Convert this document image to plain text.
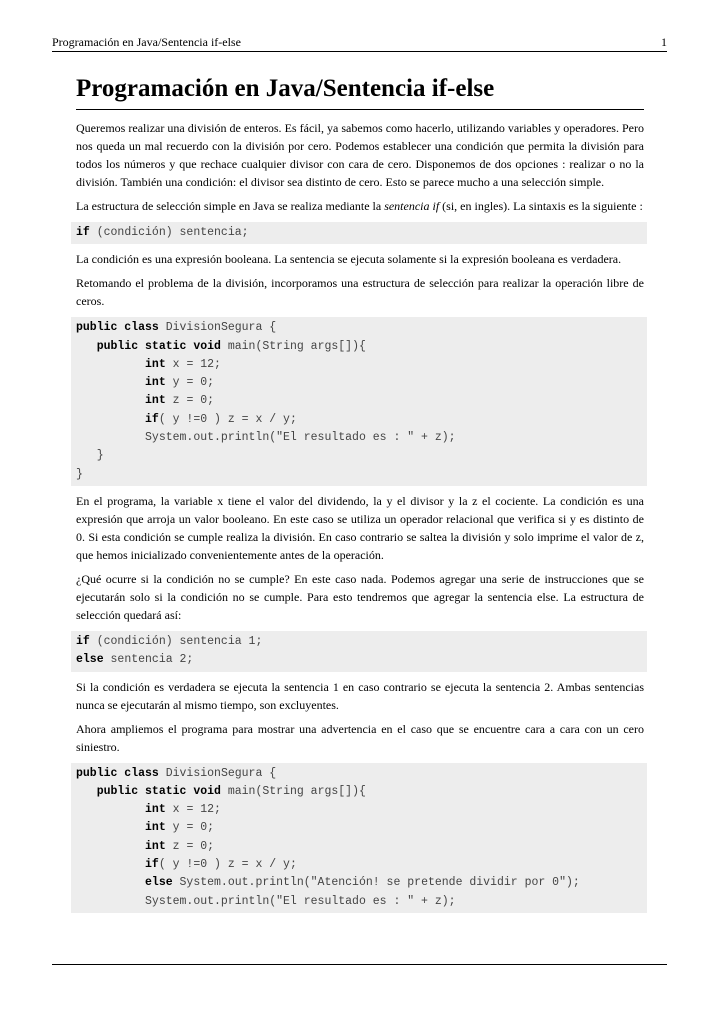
Programación en Java/Sentencia if-else	1
Programación en Java/Sentencia if-else

Queremos realizar una división de enteros. Es fácil, ya sabemos como hacerlo, utilizando variables y operadores. Pero nos queda un mal recuerdo con la división por cero. Podemos establecer una condición que permita la división para todos los números y que rechace cualquier divisor con cara de cero. Disponemos de dos opciones : realizar o no la división. También una condición: el divisor sea distinto de cero. Esto se parece mucho a una selección simple.

La estructura de selección simple en Java se realiza mediante la sentencia if (si, en ingles). La sintaxis es la siguiente :

if (condición) sentencia;

La condición es una expresión booleana. La sentencia se ejecuta solamente si la expresión booleana es verdadera.

Retomando el problema de la división, incorporamos una estructura de selección para realizar la operación libre de ceros.

public class DivisionSegura {
public static void main(String args[]){
int x = 12;
int y = 0;
int z = 0;
if( y !=0 ) z = x / y;
System.out.println("El resultado es : " + z);
}
}

En el programa, la variable x tiene el valor del dividendo, la y el divisor y la z el cociente. La condición es una expresión que arroja un valor booleano. En este caso se utiliza un operador relacional que verifica si y es distinto de 0. Si esta condición se cumple realiza la división. En caso contrario se saltea la división y solo imprime el valor de z, que hemos inicializado convenientemente antes de la operación.

¿Qué ocurre si la condición no se cumple? En este caso nada. Podemos agregar una serie de instrucciones que se ejecutarán solo si la condición no se cumple. Para esto tendremos que agregar la sentencia else. La estructura de selección quedará así:

if (condición) sentencia 1;
else sentencia 2;

Si la condición es verdadera se ejecuta la sentencia 1 en caso contrario se ejecuta la sentencia 2. Ambas sentencias nunca se ejecutarán al mismo tiempo, son excluyentes.

Ahora ampliemos el programa para mostrar una advertencia en el caso que se encuentre cara a cara con un cero siniestro.

public class DivisionSegura {
public static void main(String args[]){
int x = 12;
int y = 0;
int z = 0;
if( y !=0 ) z = x / y;
else System.out.println("Atención! se pretende dividir por 0");
System.out.println("El resultado es : " + z);
